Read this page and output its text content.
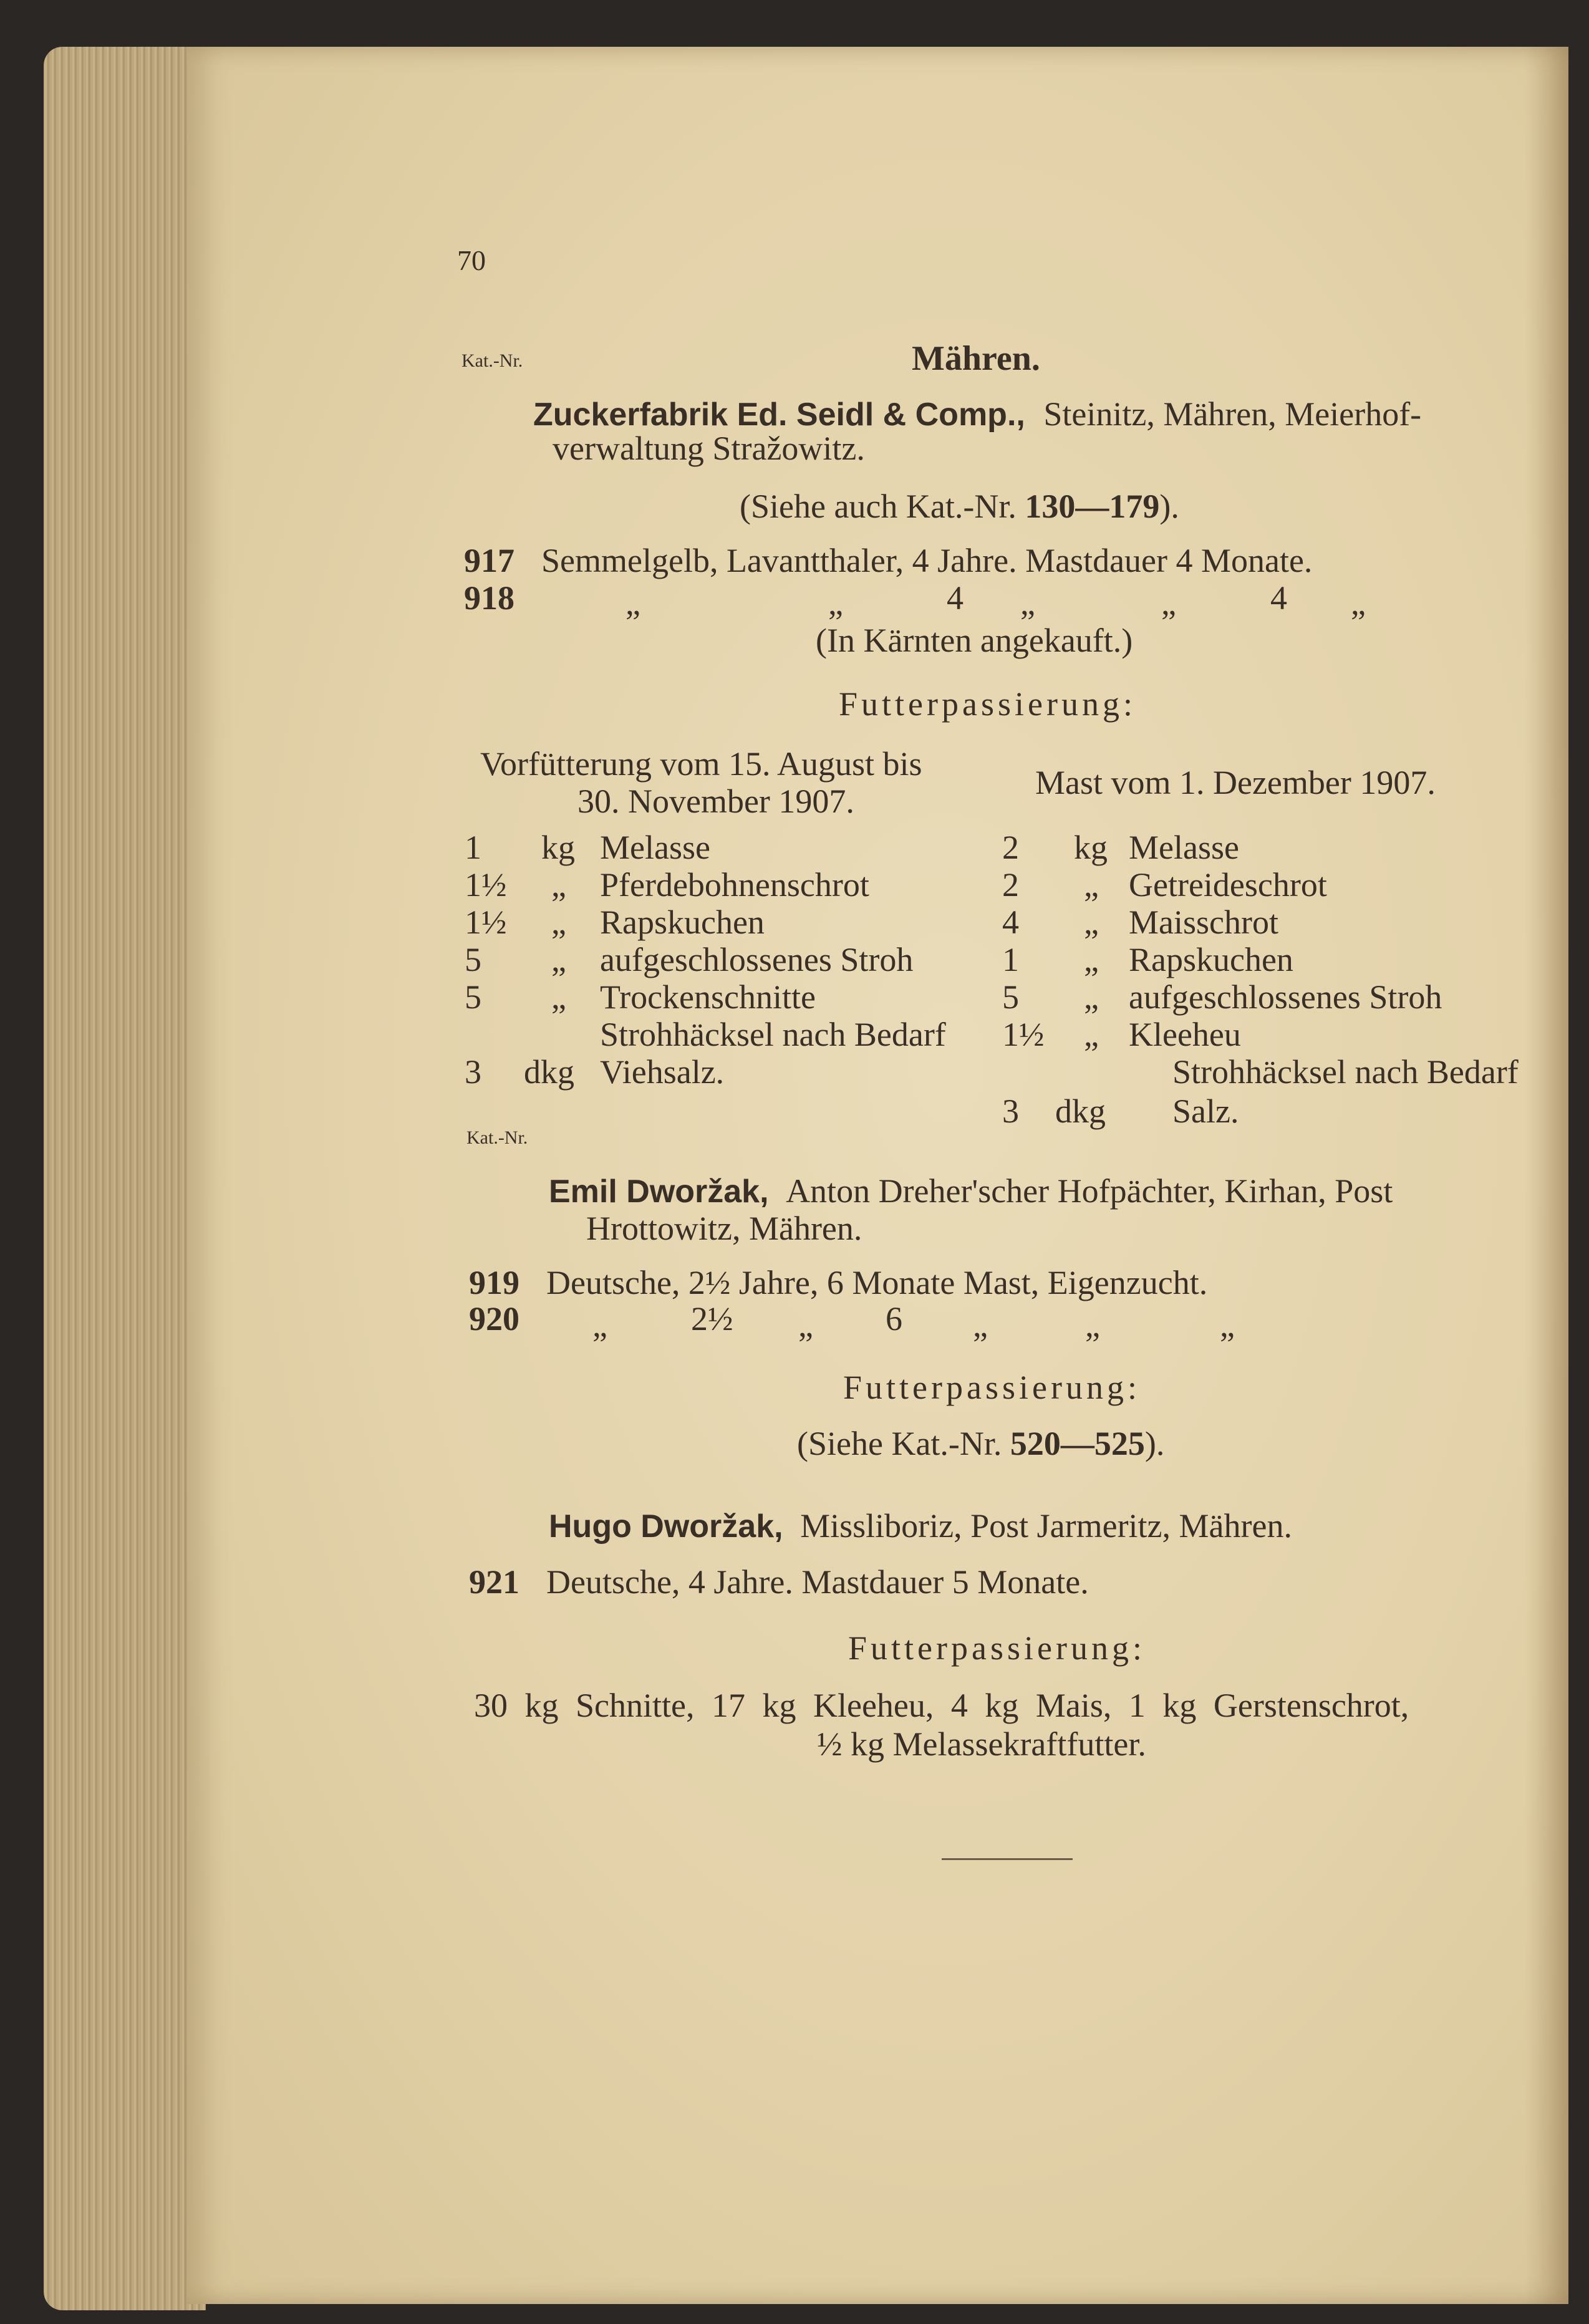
70
Kat.-Nr.	Mähren.
Zuckerfabrik Ed. Seidl & Comp., Steinitz, Mähren, Meierhof-
verwaltung Stražowitz.
(Siehe auch Kat.-Nr. 130—179).
917 Semmelgelb, Lavantthaler, 4 Jahre. Mastdauer 4 Monate.
918	„	„	4 „	„	4 „
(In Kärnten angekauft.)
Futterpassierung:
Vorfütterung vom 15. August bis
30. November 1907.	Mast vom 1. Dezember 1907.
1 kg Melasse
1½ „ Pferdebohnenschrot
1½ „ Rapskuchen
5 „ aufgeschlossenes Stroh
5 „ Trockenschnitte
Strohhäcksel nach Bedarf
3 dkg Viehsalz.
2 kg Melasse
2 „ Getreideschrot
4 „ Maisschrot
1 „ Rapskuchen
5 „ aufgeschlossenes Stroh
1½ „ Kleeheu
Strohhäcksel nach Bedarf
3 dkg Salz.
Kat.-Nr.
Emil Dworžak, Anton Dreher'scher Hofpächter, Kirhan, Post
Hrottowitz, Mähren.
919 Deutsche, 2½ Jahre, 6 Monate Mast, Eigenzucht.
920 „ 2½ „ 6 „	„	„
Futterpassierung:
(Siehe Kat.-Nr. 520—525).
Hugo Dworžak, Missliboriz, Post Jarmeritz, Mähren.
921 Deutsche, 4 Jahre. Mastdauer 5 Monate.
Futterpassierung:
30 kg Schnitte, 17 kg Kleeheu, 4 kg Mais, 1 kg Gerstenschrot,
½ kg Melassekraftfutter.
